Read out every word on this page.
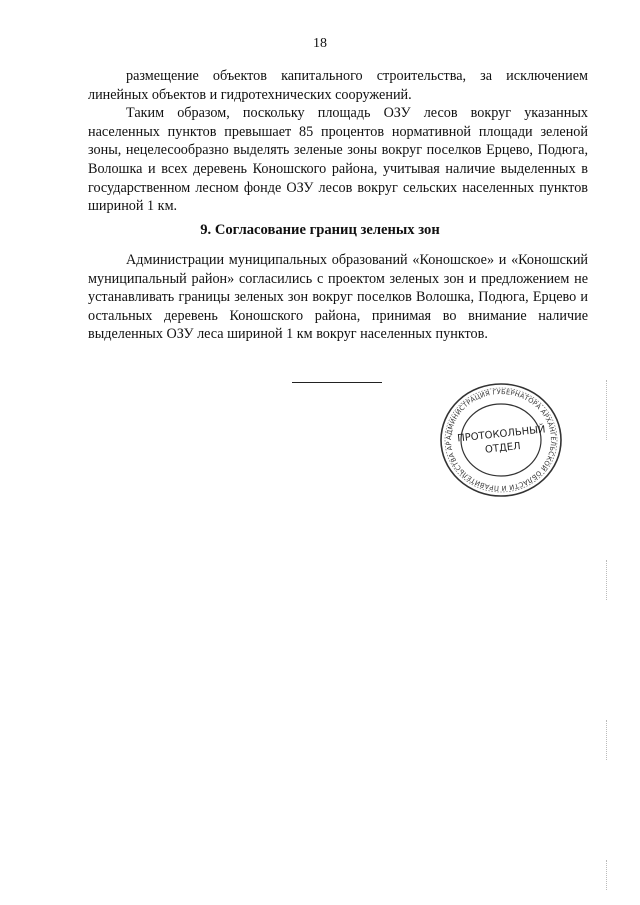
18

размещение объектов капитального строительства, за исключением линейных объектов и гидротехнических сооружений.

Таким образом, поскольку площадь ОЗУ лесов вокруг указанных населенных пунктов превышает 85 процентов нормативной площади зеленой зоны, нецелесообразно выделять зеленые зоны вокруг поселков Ерцево, Подюга, Волошка и всех деревень Коношского района, учитывая наличие выделенных в государственном лесном фонде ОЗУ лесов вокруг сельских населенных пунктов шириной 1 км.

9. Согласование границ зеленых зон

Администрации муниципальных образований «Коношское» и «Коношский муниципальный район» согласились с проектом зеленых зон и предложением не устанавливать границы зеленых зон вокруг поселков Волошка, Подюга, Ерцево и остальных деревень Коношского района, принимая во внимание наличие выделенных ОЗУ леса шириной 1 км вокруг населенных пунктов.

АДМИНИСТРАЦИЯ ГУБЕРНАТОРА АРХАНГЕЛЬСКОЙ ОБЛАСТИ И ПРАВИТЕЛЬСТВА АР ПРОТОКОЛЬНЫЙ
ОТДЕЛ
